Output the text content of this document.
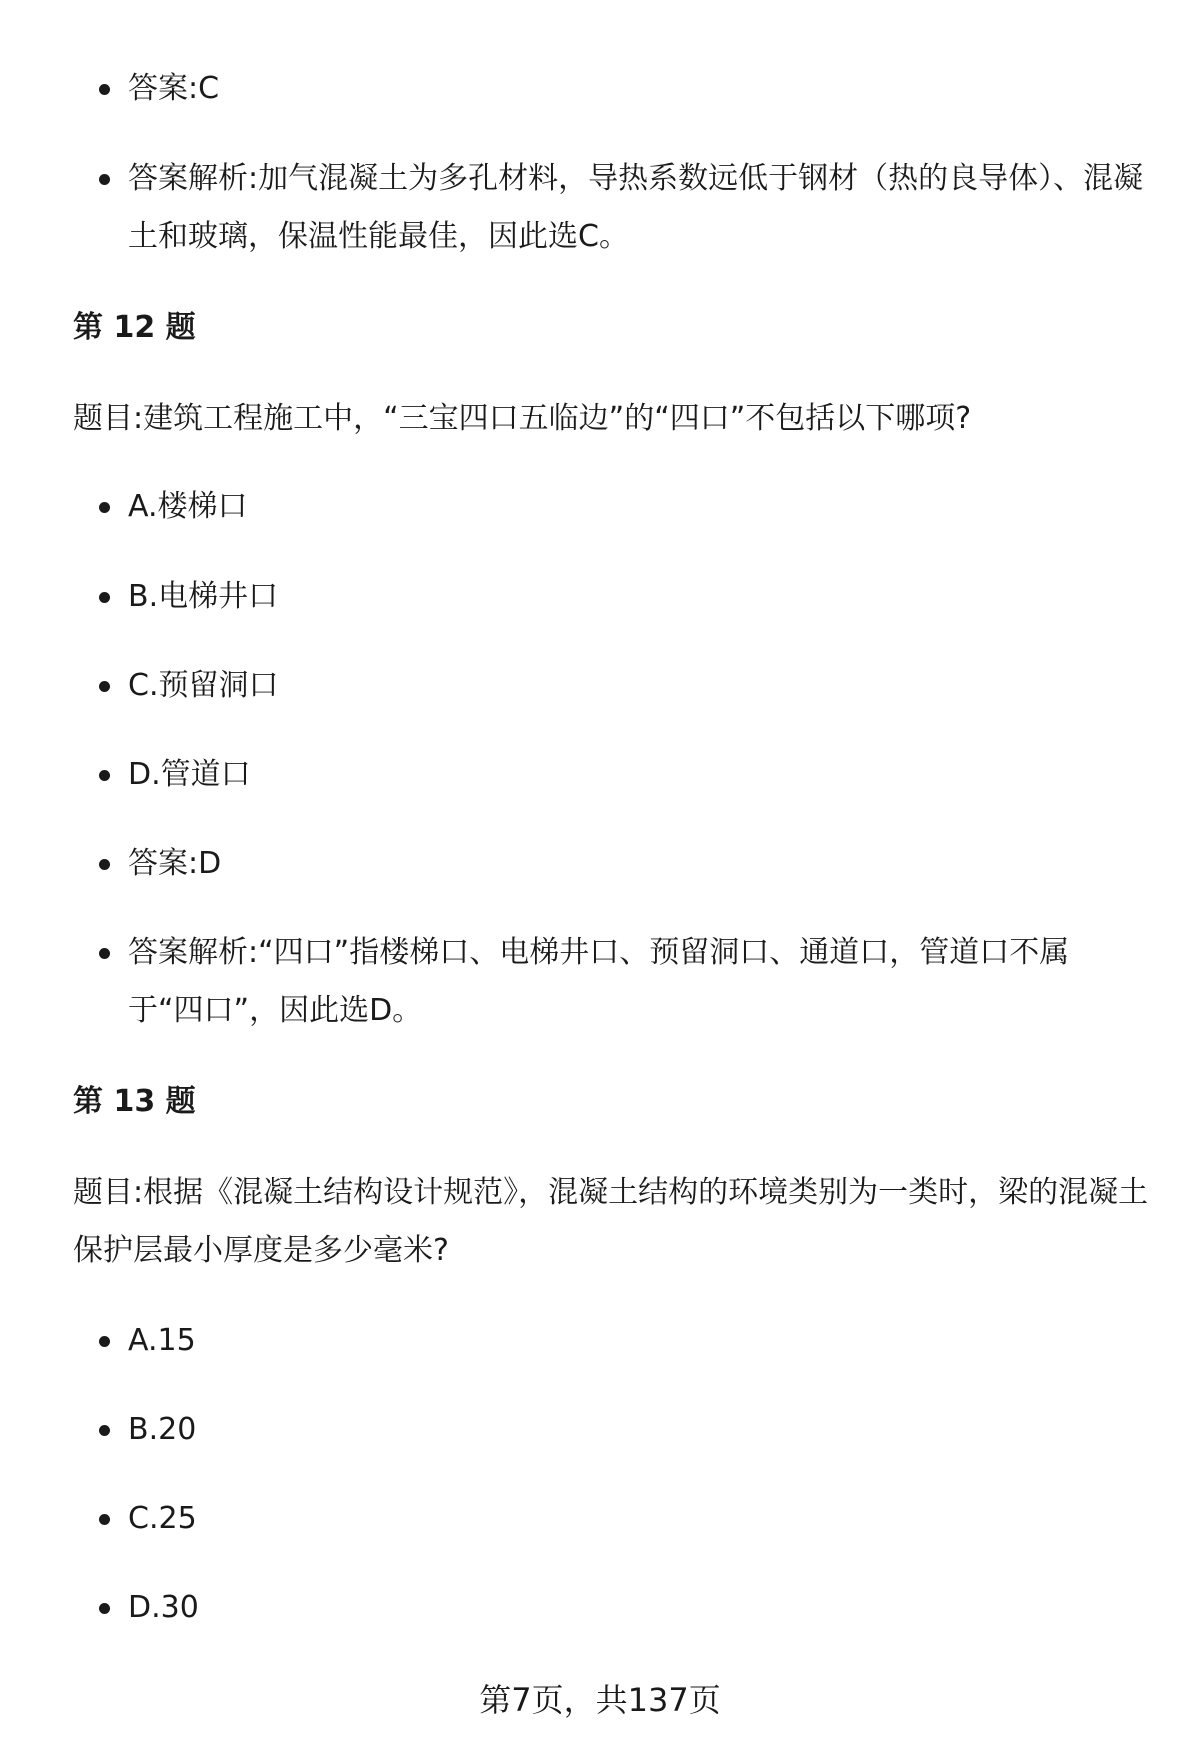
答案:C
答案解析:加气混凝土为多孔材料，导热系数远低于钢材（热的良导体）、混凝土和玻璃，保温性能最佳，因此选C。
第 12 题
题目:建筑工程施工中，“三宝四口五临边”的“四口”不包括以下哪项?
A.楼梯口
B.电梯井口
C.预留洞口
D.管道口
答案:D
答案解析:“四口”指楼梯口、电梯井口、预留洞口、通道口，管道口不属于“四口”，因此选D。
第 13 题
题目:根据《混凝土结构设计规范》，混凝土结构的环境类别为一类时，梁的混凝土保护层最小厚度是多少毫米?
A.15
B.20
C.25
D.30
第7页，共137页
